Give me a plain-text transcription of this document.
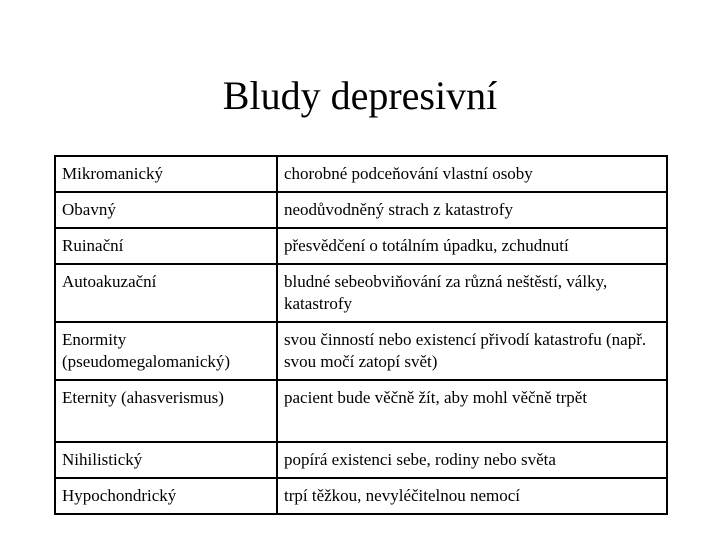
Bludy depresivní
Mikromanický	chorobné podceňování vlastní osoby
Obavný	neodůvodněný strach z katastrofy
Ruinační	přesvědčení o totálním úpadku, zchudnutí
Autoakuzační	bludné sebeobviňování za různá neštěstí, války, katastrofy
Enormity (pseudomegalomanický)	svou činností nebo existencí přivodí katastrofu (např. svou močí zatopí svět)
Eternity (ahasverismus)	pacient bude věčně žít, aby mohl věčně trpět
Nihilistický	popírá existenci sebe, rodiny nebo světa
Hypochondrický	trpí těžkou, nevyléčitelnou nemocí
